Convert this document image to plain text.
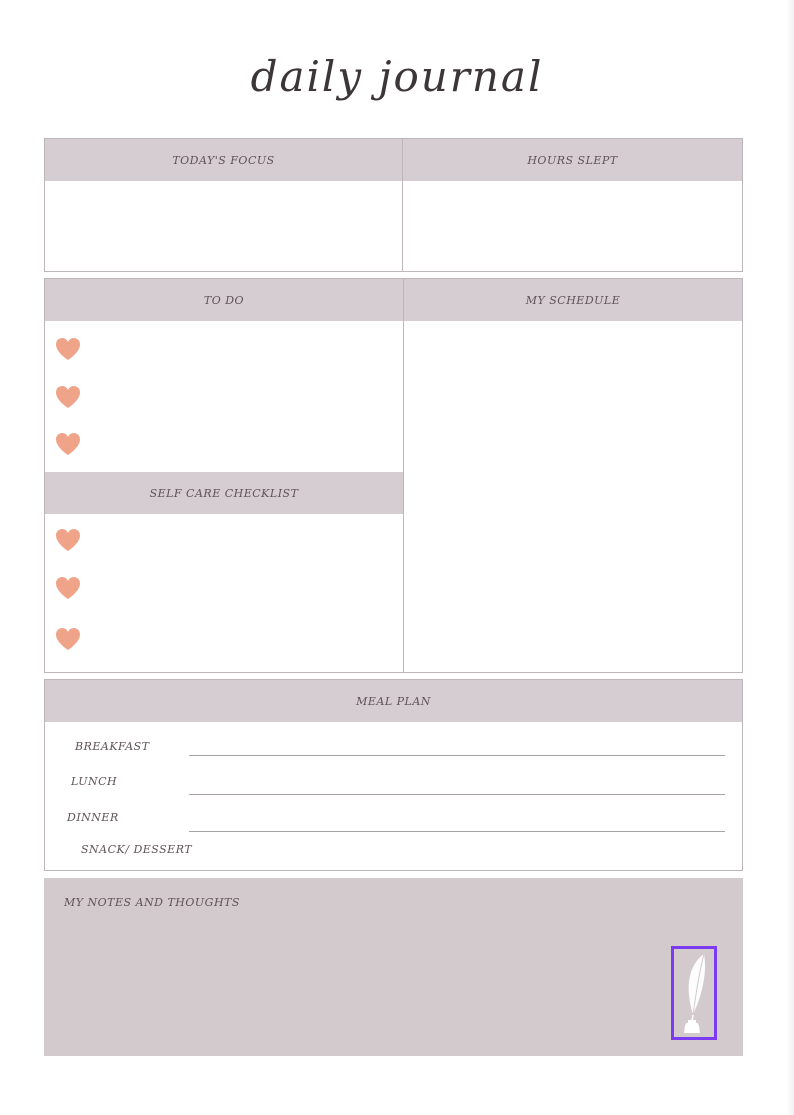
daily journal
TODAY'S FOCUS	HOURS SLEPT
TO DO	MY SCHEDULE
SELF CARE CHECKLIST
MEAL PLAN
BREAKFAST
LUNCH
DINNER
SNACK/ DESSERT
MY NOTES AND THOUGHTS
